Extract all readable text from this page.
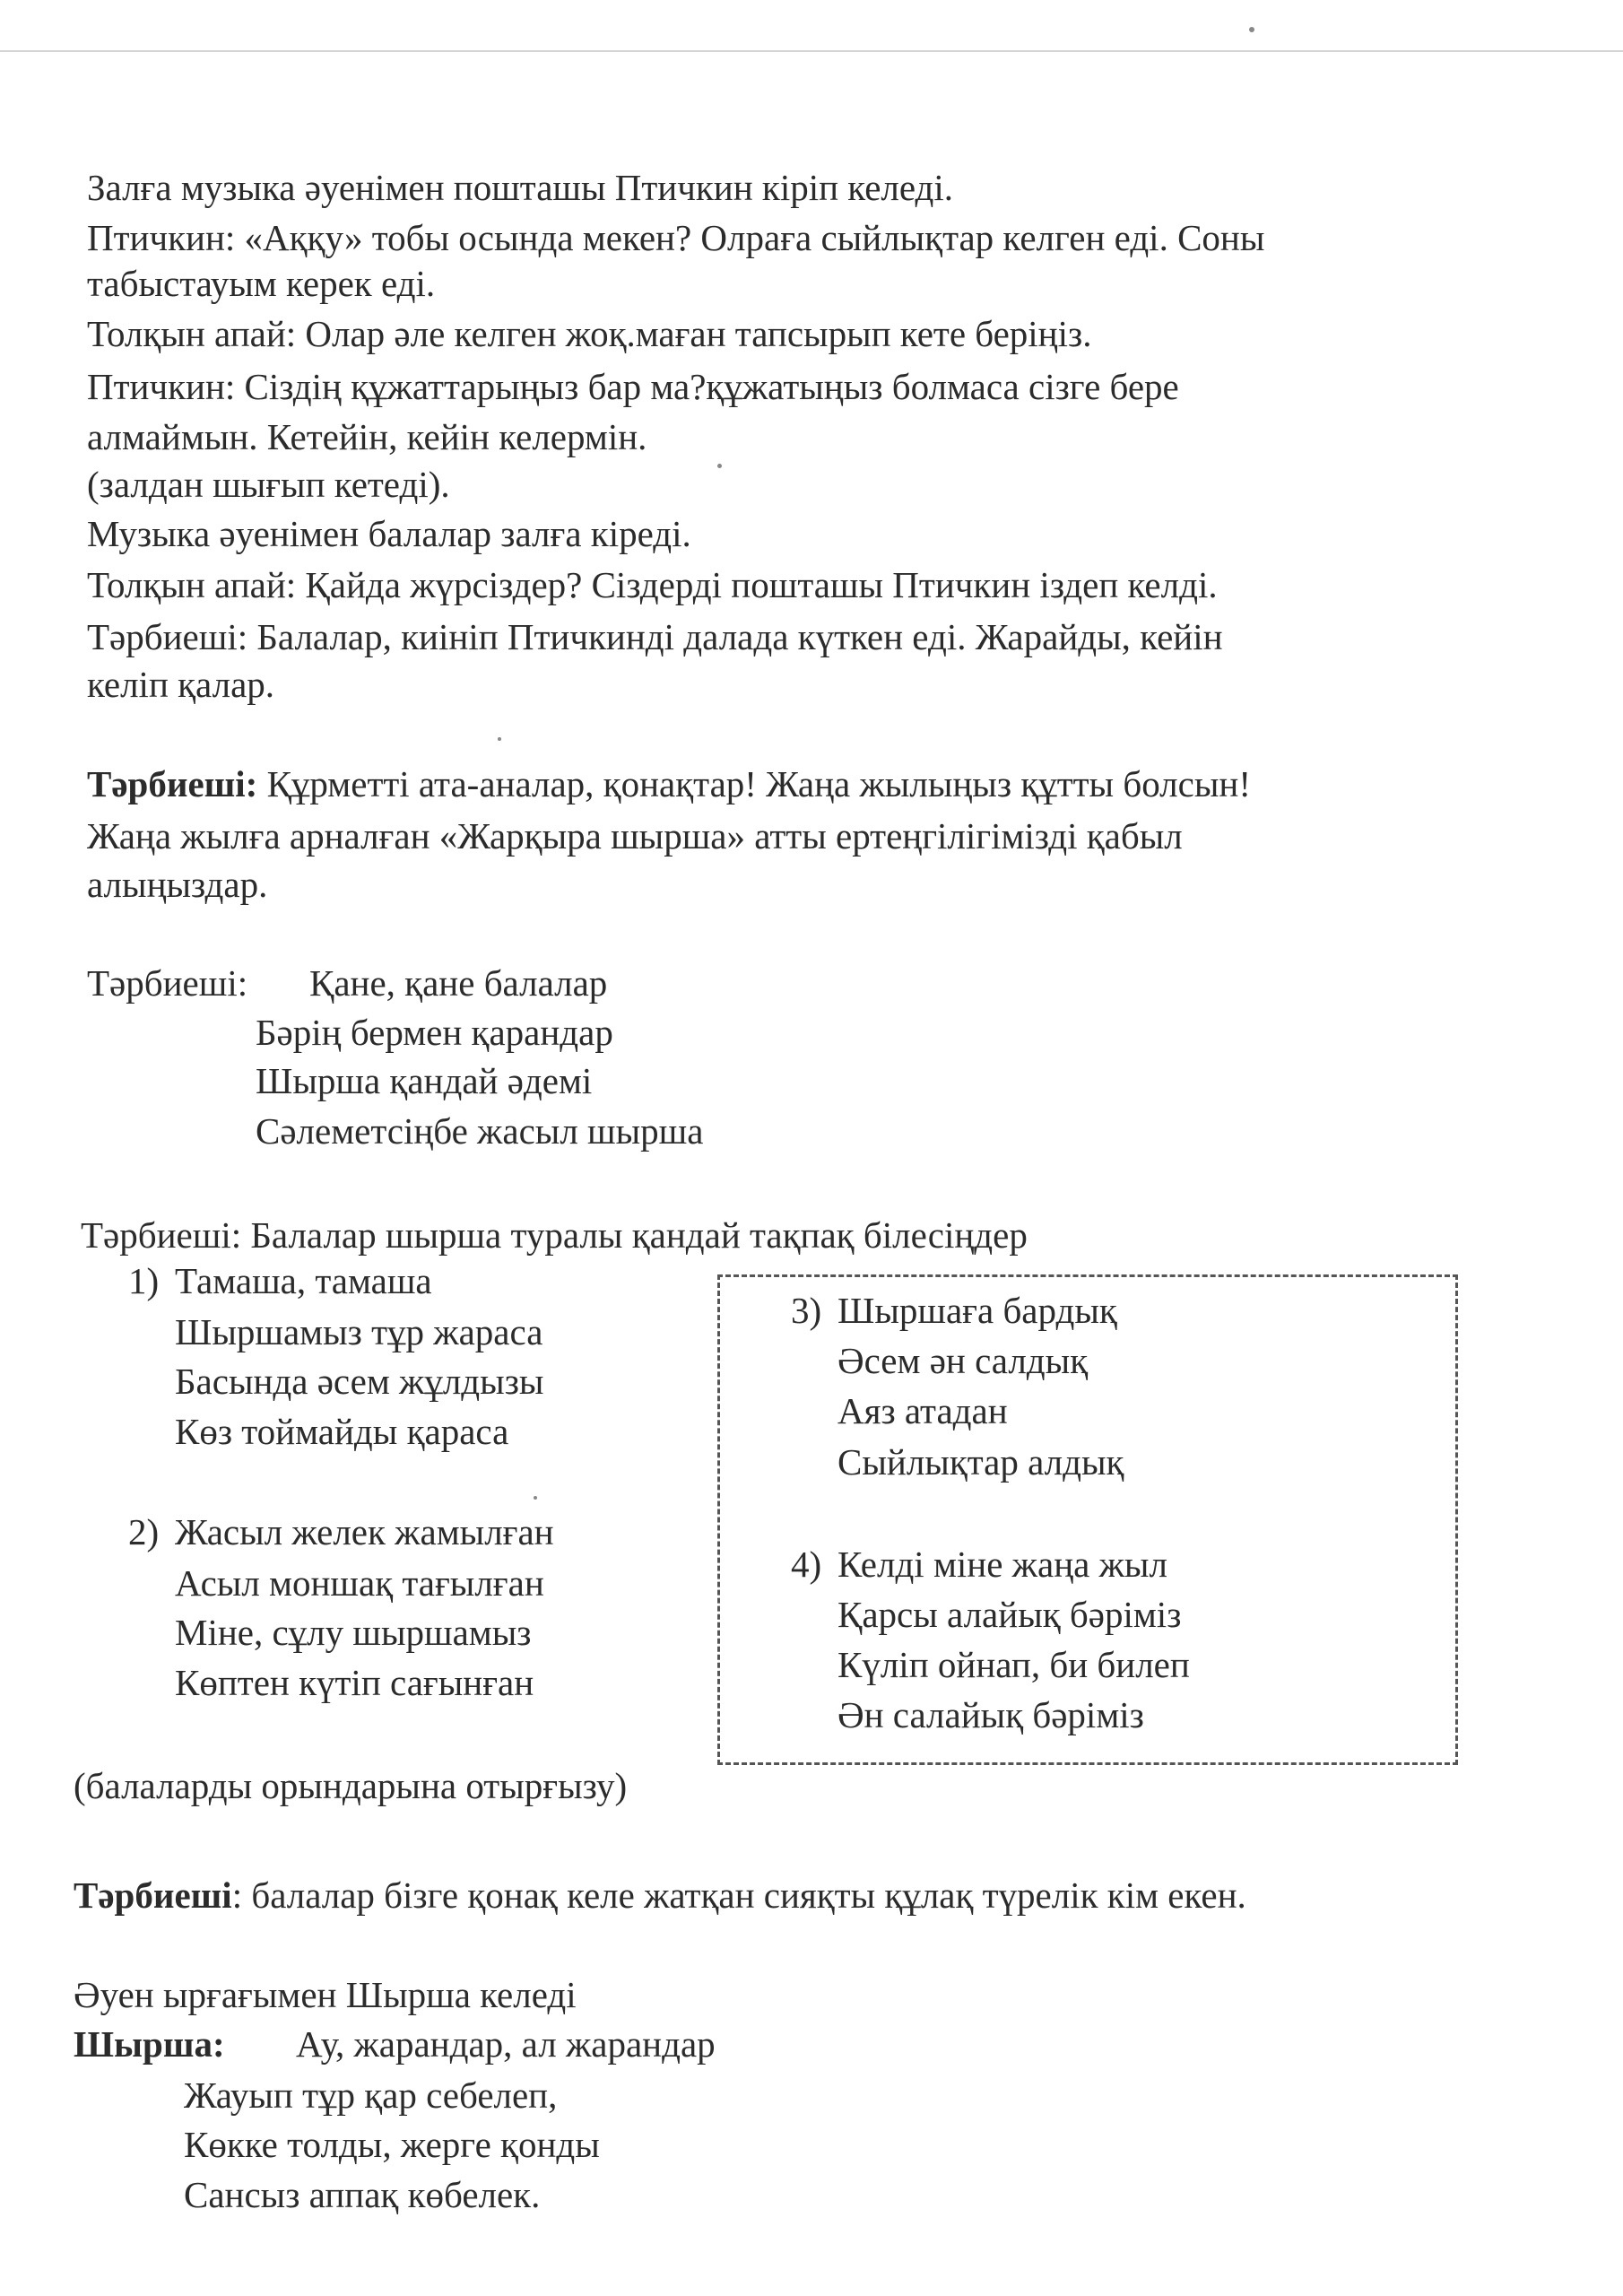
Залға музыка әуенімен пошташы Птичкин кіріп келеді.
Птичкин: «Аққу» тобы осында мекен? Олраға сыйлықтар келген еді. Соны
табыстауым керек еді.
Толқын апай: Олар әле келген жоқ.маған тапсырып кете беріңіз.
Птичкин: Сіздің құжаттарыңыз бар ма?құжатыңыз болмаса сізге бере
алмаймын. Кетейін, кейін келермін.
(залдан шығып кетеді).
Музыка әуенімен балалар залға кіреді.
Толқын апай: Қайда жүрсіздер? Сіздерді пошташы Птичкин іздеп келді.
Тәрбиеші: Балалар, киініп Птичкинді далада күткен еді. Жарайды, кейін
келіп қалар.
Тәрбиеші: Құрметті ата-аналар, қонақтар! Жаңа жылыңыз құтты болсын!
Жаңа жылға арналған «Жарқыра шырша» атты ертеңгілігімізді қабыл
алыңыздар.
Тәрбиеші: Қане, қане балалар
Бәрің бермен қарандар
Шырша қандай әдемі
Сәлеметсіңбе жасыл шырша
Тәрбиеші: Балалар шырша туралы қандай тақпақ білесіңдер
1) Тамаша, тамаша
Шыршамыз тұр жараса
Басында әсем жұлдызы
Көз тоймайды қараса
2) Жасыл желек жамылған
Асыл моншақ тағылған
Міне, сұлу шыршамыз
Көптен күтіп сағынған
3) Шыршаға бардық
Әсем ән салдық
Аяз атадан
Сыйлықтар алдық
4) Келді міне жаңа жыл
Қарсы алайық бәріміз
Күліп ойнап, би билеп
Ән салайық бәріміз
(балаларды орындарына отырғызу)
Тәрбиеші: балалар бізге қонақ келе жатқан сияқты құлақ түрелік кім екен.
Әуен ырғағымен Шырша келеді
Шырша: Ау, жарандар, ал жарандар
Жауып тұр қар себелеп,
Көкке толды, жерге қонды
Сансыз аппақ көбелек.
